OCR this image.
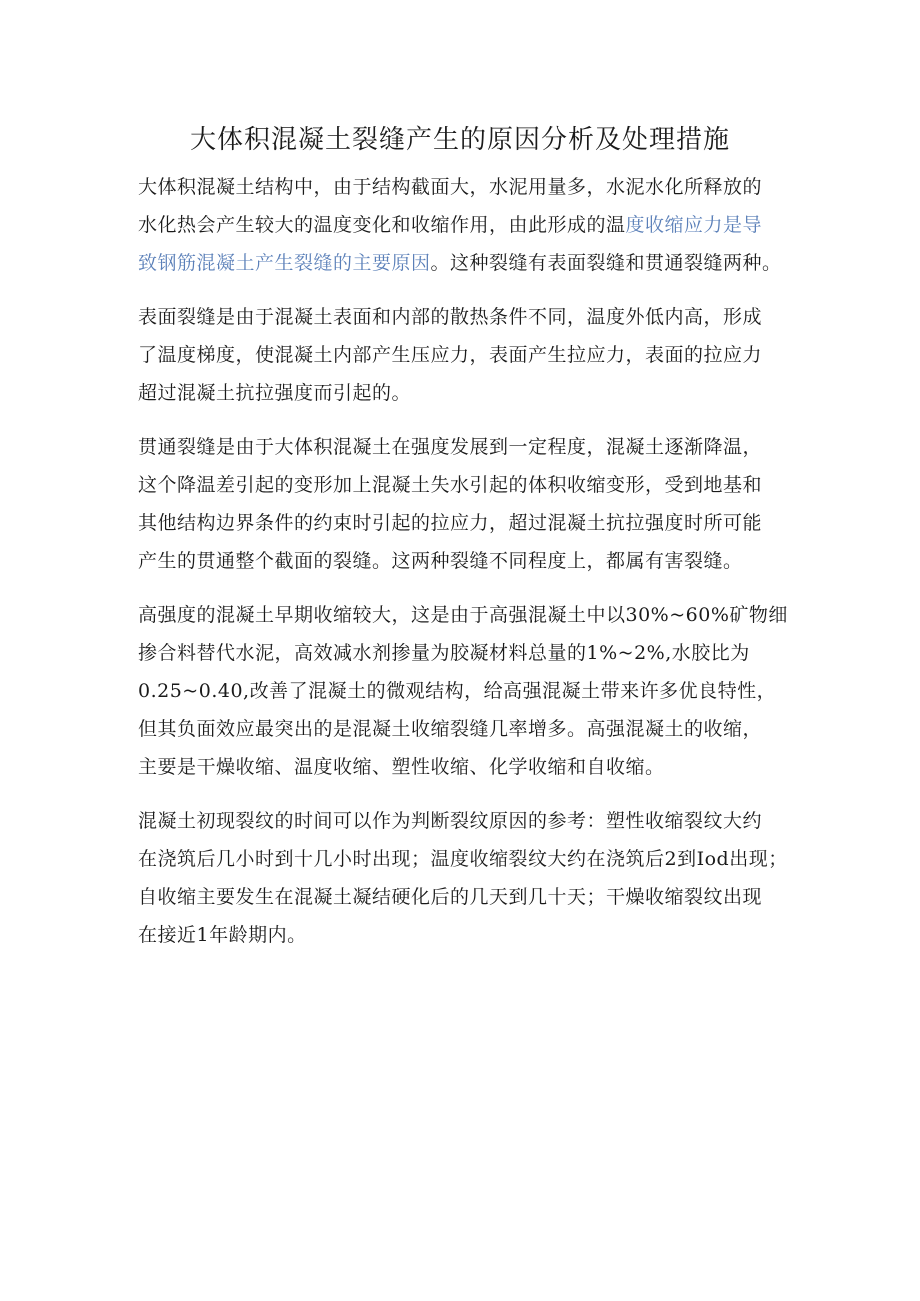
大体积混凝土裂缝产生的原因分析及处理措施
大体积混凝土结构中，由于结构截面大，水泥用量多，水泥水化所释放的
水化热会产生较大的温度变化和收缩作用，由此形成的温度收缩应力是导
致钢筋混凝土产生裂缝的主要原因。这种裂缝有表面裂缝和贯通裂缝两种。
表面裂缝是由于混凝土表面和内部的散热条件不同，温度外低内高，形成
了温度梯度，使混凝土内部产生压应力，表面产生拉应力，表面的拉应力
超过混凝土抗拉强度而引起的。
贯通裂缝是由于大体积混凝土在强度发展到一定程度，混凝土逐渐降温，
这个降温差引起的变形加上混凝土失水引起的体积收缩变形，受到地基和
其他结构边界条件的约束时引起的拉应力，超过混凝土抗拉强度时所可能
产生的贯通整个截面的裂缝。这两种裂缝不同程度上，都属有害裂缝。
高强度的混凝土早期收缩较大，这是由于高强混凝土中以30%~60%矿物细
掺合料替代水泥，高效减水剂掺量为胶凝材料总量的1%~2%,水胶比为
0.25~0.40,改善了混凝土的微观结构，给高强混凝土带来许多优良特性，
但其负面效应最突出的是混凝土收缩裂缝几率增多。高强混凝土的收缩，
主要是干燥收缩、温度收缩、塑性收缩、化学收缩和自收缩。
混凝土初现裂纹的时间可以作为判断裂纹原因的参考：塑性收缩裂纹大约
在浇筑后几小时到十几小时出现；温度收缩裂纹大约在浇筑后2到Iod出现；
自收缩主要发生在混凝土凝结硬化后的几天到几十天；干燥收缩裂纹出现
在接近1年龄期内。
